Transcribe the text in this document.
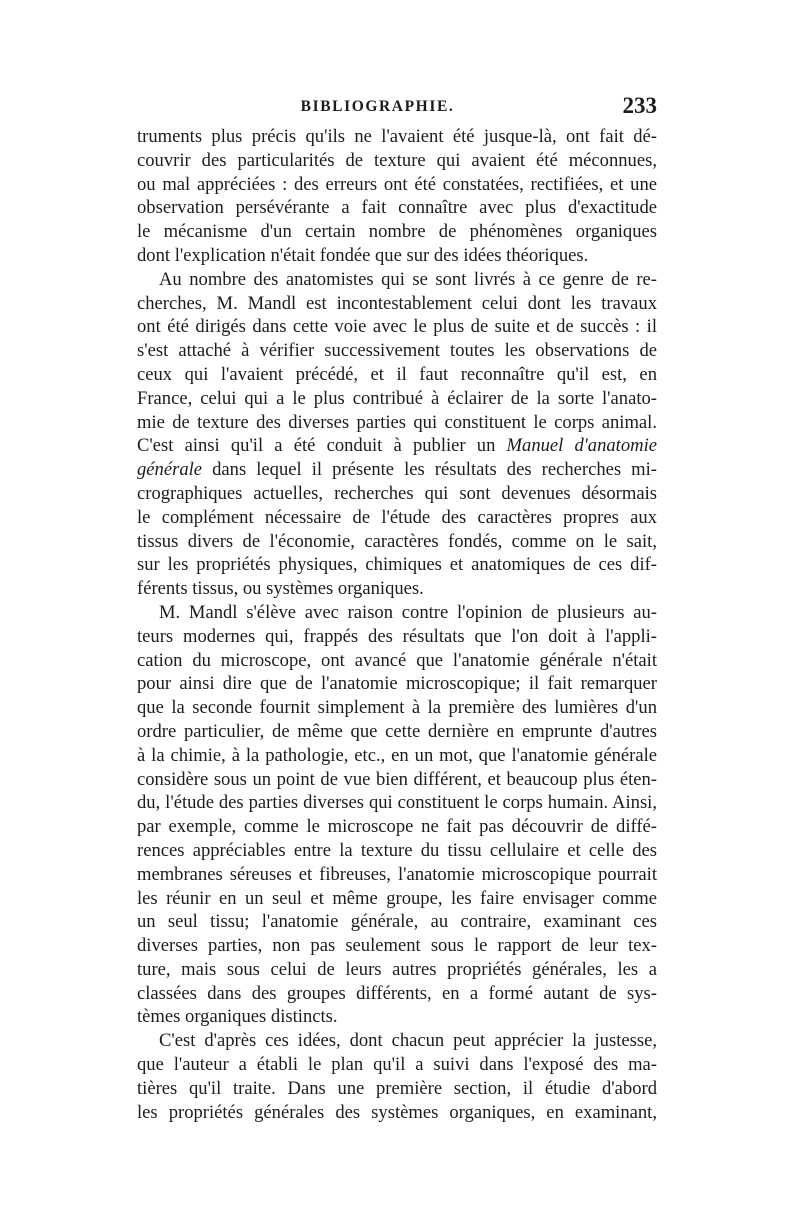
BIBLIOGRAPHIE.	233
truments plus précis qu'ils ne l'avaient été jusque-là, ont fait dé-
couvrir des particularités de texture qui avaient été méconnues,
ou mal appréciées : des erreurs ont été constatées, rectifiées, et une
observation persévérante a fait connaître avec plus d'exactitude
le mécanisme d'un certain nombre de phénomènes organiques
dont l'explication n'était fondée que sur des idées théoriques.
Au nombre des anatomistes qui se sont livrés à ce genre de re-
cherches, M. Mandl est incontestablement celui dont les travaux
ont été dirigés dans cette voie avec le plus de suite et de succès : il
s'est attaché à vérifier successivement toutes les observations de
ceux qui l'avaient précédé, et il faut reconnaître qu'il est, en
France, celui qui a le plus contribué à éclairer de la sorte l'anato-
mie de texture des diverses parties qui constituent le corps animal.
C'est ainsi qu'il a été conduit à publier un Manuel d'anatomie
générale dans lequel il présente les résultats des recherches mi-
crographiques actuelles, recherches qui sont devenues désormais
le complément nécessaire de l'étude des caractères propres aux
tissus divers de l'économie, caractères fondés, comme on le sait,
sur les propriétés physiques, chimiques et anatomiques de ces dif-
férents tissus, ou systèmes organiques.
M. Mandl s'élève avec raison contre l'opinion de plusieurs au-
teurs modernes qui, frappés des résultats que l'on doit à l'appli-
cation du microscope, ont avancé que l'anatomie générale n'était
pour ainsi dire que de l'anatomie microscopique; il fait remarquer
que la seconde fournit simplement à la première des lumières d'un
ordre particulier, de même que cette dernière en emprunte d'autres
à la chimie, à la pathologie, etc., en un mot, que l'anatomie générale
considère sous un point de vue bien différent, et beaucoup plus éten-
du, l'étude des parties diverses qui constituent le corps humain. Ainsi,
par exemple, comme le microscope ne fait pas découvrir de diffé-
rences appréciables entre la texture du tissu cellulaire et celle des
membranes séreuses et fibreuses, l'anatomie microscopique pourrait
les réunir en un seul et même groupe, les faire envisager comme
un seul tissu; l'anatomie générale, au contraire, examinant ces
diverses parties, non pas seulement sous le rapport de leur tex-
ture, mais sous celui de leurs autres propriétés générales, les a
classées dans des groupes différents, en a formé autant de sys-
tèmes organiques distincts.
C'est d'après ces idées, dont chacun peut apprécier la justesse,
que l'auteur a établi le plan qu'il a suivi dans l'exposé des ma-
tières qu'il traite. Dans une première section, il étudie d'abord
les propriétés générales des systèmes organiques, en examinant,
